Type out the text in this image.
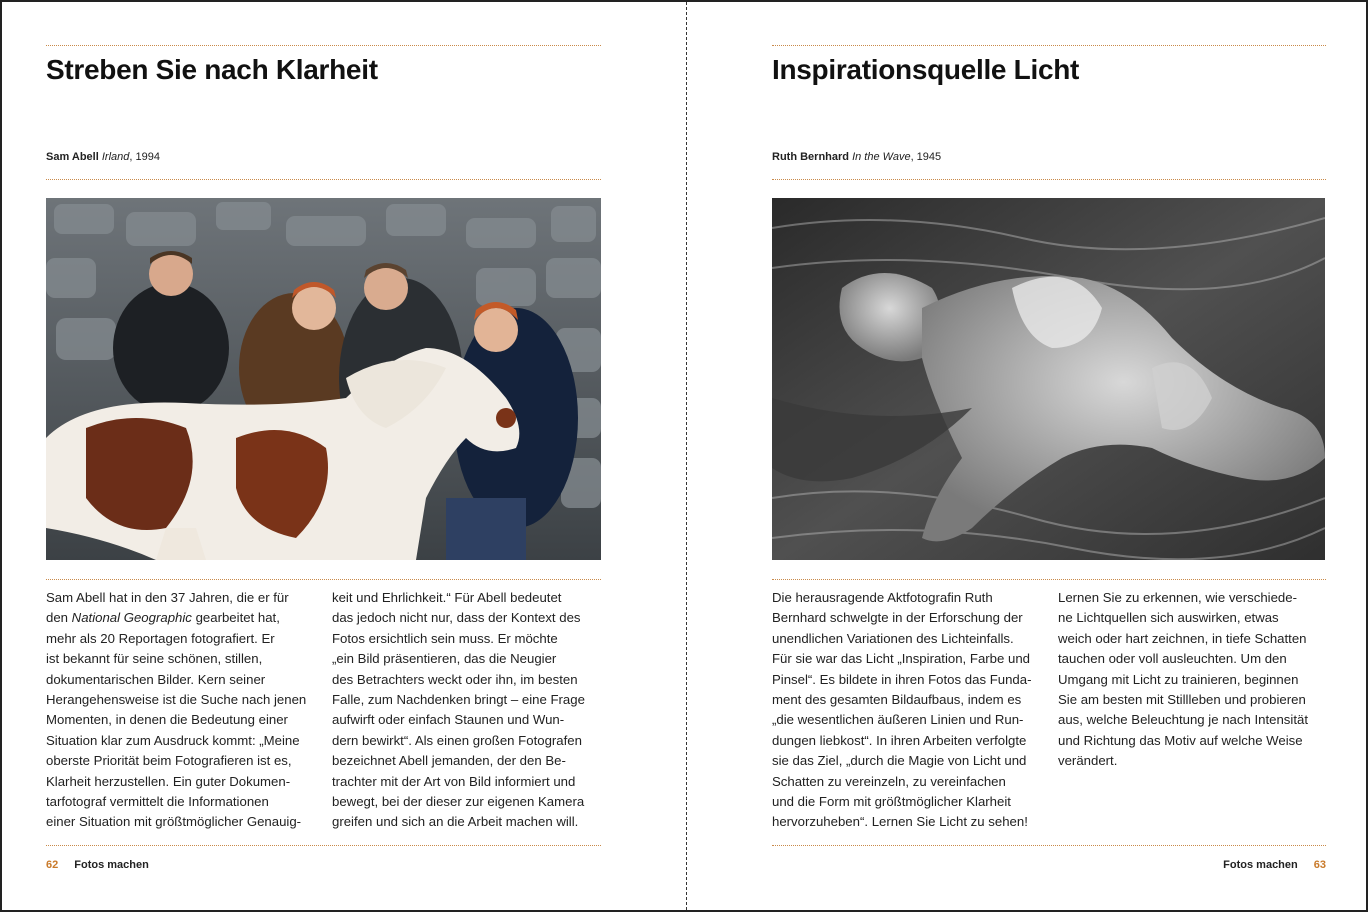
Streben Sie nach Klarheit
Sam Abell Irland, 1994
Sam Abell hat in den 37 Jahren, die er für
den National Geographic gearbeitet hat,
mehr als 20 Reportagen fotografiert. Er
ist bekannt für seine schönen, stillen,
dokumentarischen Bilder. Kern seiner
Herangehensweise ist die Suche nach jenen
Momenten, in denen die Bedeutung einer
Situation klar zum Ausdruck kommt: „Meine
oberste Priorität beim Fotografieren ist es,
Klarheit herzustellen. Ein guter Dokumen-
tarfotograf vermittelt die Informationen
einer Situation mit größtmöglicher Genauig-
keit und Ehrlichkeit.“ Für Abell bedeutet
das jedoch nicht nur, dass der Kontext des
Fotos ersichtlich sein muss. Er möchte
„ein Bild präsentieren, das die Neugier
des Betrachters weckt oder ihn, im besten
Falle, zum Nachdenken bringt – eine Frage
aufwirft oder einfach Staunen und Wun-
dern bewirkt“. Als einen großen Fotografen
bezeichnet Abell jemanden, der den Be-
trachter mit der Art von Bild informiert und
bewegt, bei der dieser zur eigenen Kamera
greifen und sich an die Arbeit machen will.
62 Fotos machen
Inspirationsquelle Licht
Ruth Bernhard In the Wave, 1945
Die herausragende Aktfotografin Ruth
Bernhard schwelgte in der Erforschung der
unendlichen Variationen des Lichteinfalls.
Für sie war das Licht „Inspiration, Farbe und
Pinsel“. Es bildete in ihren Fotos das Funda-
ment des gesamten Bildaufbaus, indem es
„die wesentlichen äußeren Linien und Run-
dungen liebkost“. In ihren Arbeiten verfolgte
sie das Ziel, „durch die Magie von Licht und
Schatten zu vereinzeln, zu vereinfachen
und die Form mit größtmöglicher Klarheit
hervorzuheben“. Lernen Sie Licht zu sehen!
Lernen Sie zu erkennen, wie verschiede-
ne Lichtquellen sich auswirken, etwas
weich oder hart zeichnen, in tiefe Schatten
tauchen oder voll ausleuchten. Um den
Umgang mit Licht zu trainieren, beginnen
Sie am besten mit Stillleben und probieren
aus, welche Beleuchtung je nach Intensität
und Richtung das Motiv auf welche Weise
verändert.
Fotos machen 63
